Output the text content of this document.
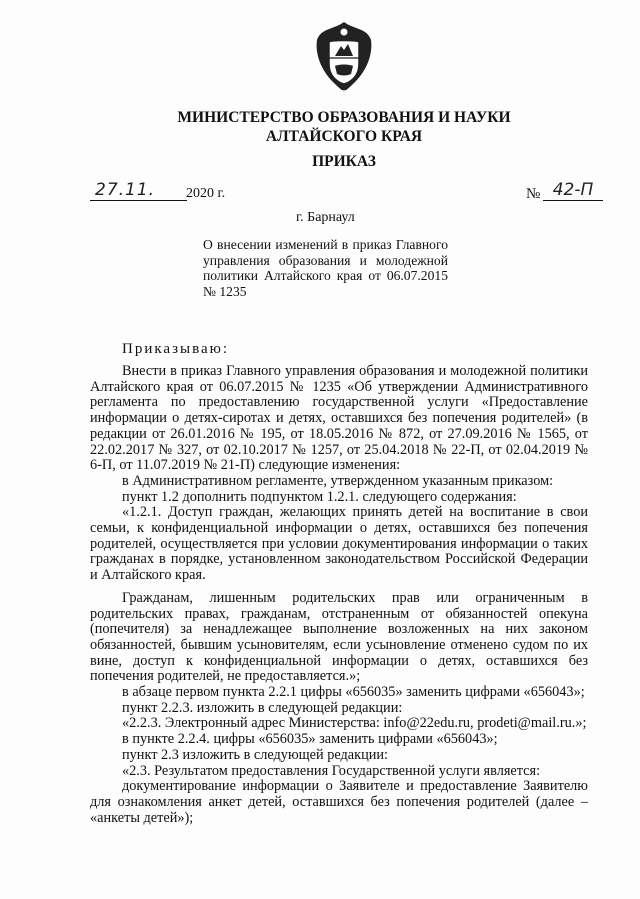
МИНИСТЕРСТВО ОБРАЗОВАНИЯ И НАУКИ
АЛТАЙСКОГО КРАЯ
ПРИКАЗ
27.11.	2020 г.	№ 42-П
г. Барнаул
О внесении изменений в приказ Главного управления образования и молодежной политики Алтайского края от 06.07.2015 № 1235
Приказываю:

Внести в приказ Главного управления образования и молодежной политики Алтайского края от 06.07.2015 № 1235 «Об утверждении Административного регламента по предоставлению государственной услуги «Предоставление информации о детях-сиротах и детях, оставшихся без попечения родителей» (в редакции от 26.01.2016 № 195, от 18.05.2016 № 872, от 27.09.2016 № 1565, от 22.02.2017 № 327, от 02.10.2017 № 1257, от 25.04.2018 № 22-П, от 02.04.2019 № 6-П, от 11.07.2019 № 21-П) следующие изменения:

в Административном регламенте, утвержденном указанным приказом:

пункт 1.2 дополнить подпунктом 1.2.1. следующего содержания:

«1.2.1. Доступ граждан, желающих принять детей на воспитание в свои семьи, к конфиденциальной информации о детях, оставшихся без попечения родителей, осуществляется при условии документирования информации о таких гражданах в порядке, установленном законодательством Российской Федерации и Алтайского края.

Гражданам, лишенным родительских прав или ограниченным в родительских правах, гражданам, отстраненным от обязанностей опекуна (попечителя) за ненадлежащее выполнение возложенных на них законом обязанностей, бывшим усыновителям, если усыновление отменено судом по их вине, доступ к конфиденциальной информации о детях, оставшихся без попечения родителей, не предоставляется.»;

в абзаце первом пункта 2.2.1 цифры «656035» заменить цифрами «656043»;

пункт 2.2.3. изложить в следующей редакции:

«2.2.3. Электронный адрес Министерства: info@22edu.ru, prodeti@mail.ru.»;

в пункте 2.2.4. цифры «656035» заменить цифрами «656043»;

пункт 2.3 изложить в следующей редакции:

«2.3. Результатом предоставления Государственной услуги является:

документирование информации о Заявителе и предоставление Заявителю для ознакомления анкет детей, оставшихся без попечения родителей (далее – «анкеты детей»);
